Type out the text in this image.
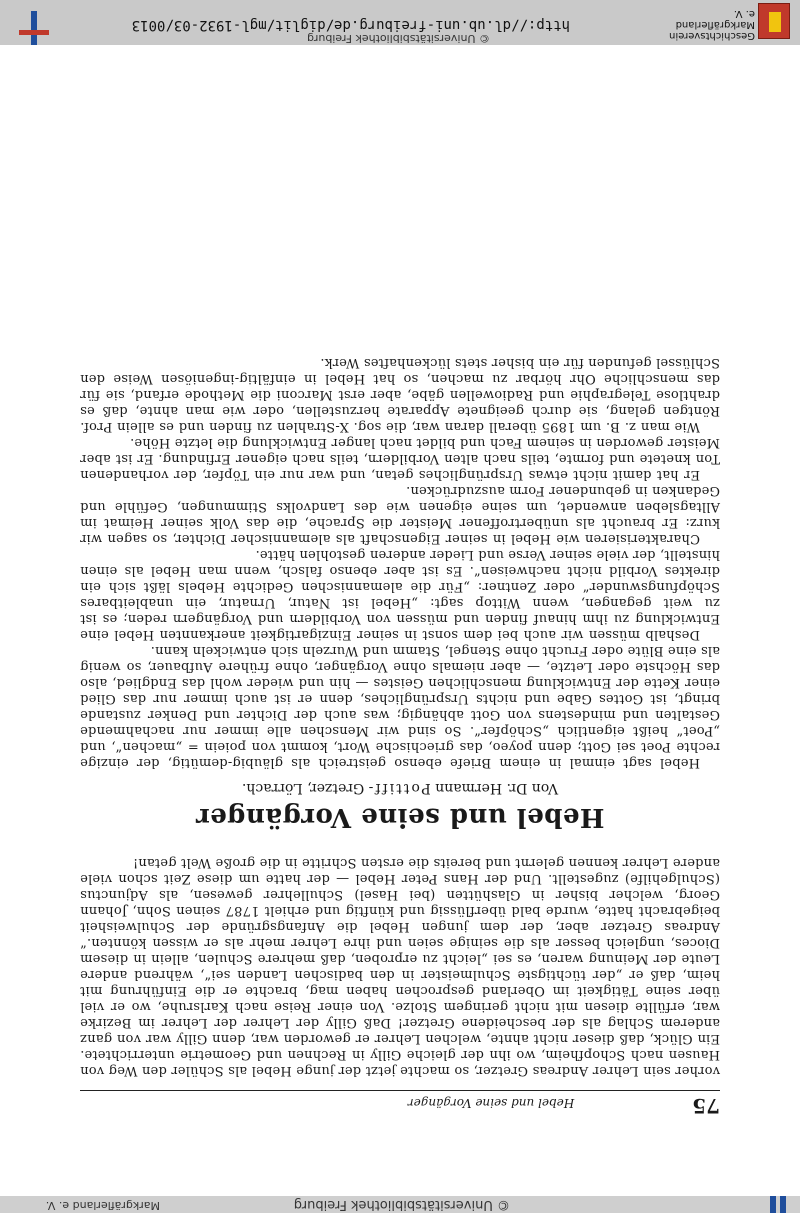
© Universitätsbibliothek Freiburg
Markgräflerland e. V.
75
Hebel und seine Vorgänger

vorher sein Lehrer Andreas Gretzer, so machte jetzt der junge Hebel als Schüler den Weg von Hausen nach Schopfheim, wo ihn der gleiche Gilly in Rechnen und Geometrie unterrichtete. Ein Glück, daß dieser nicht ahnte, welchen Lehrer er geworden war, denn Gilly war von ganz anderem Schlag als der bescheidene Gretzer! Daß Gilly der Lehrer der Lehrer im Bezirke war, erfüllte diesen mit nicht geringem Stolze. Von einer Reise nach Karlsruhe, wo er viel über seine Tätigkeit im Oberland gesprochen haben mag, brachte er die Einführung mit heim, daß er „der tüchtigste Schulmeister in den badischen Landen sei“, während andere Leute der Meinung waren, es sei „leicht zu erproben, daß mehrere Schulen, allein in diesem Dioces, ungleich besser als die seinige seien und ihre Lehrer mehr als er wissen könnten.“ Andreas Gretzer aber, der dem jungen Hebel die Anfangsgründe der Schulweisheit beigebracht hatte, wurde bald überflüssig und künftig und erhielt 1787 seinen Sohn, Johann Georg, welcher bisher in Glashütten (bei Hasel) Schullehrer gewesen, als Adjunctus (Schulgehilfe) zugestellt. Und der Hans Peter Hebel — der hatte um diese Zeit schon viele andere Lehrer kennen gelernt und bereits die ersten Schritte in die große Welt getan!

Hebel und seine Vorgänger
Von Dr. Hermann Pottiff- Gretzer, Lörrach.

Hebel sagt einmal in einem Briefe ebenso geistreich als gläubig-demütig, der einzige rechte Poet sei Gott; denn poyeo, das griechische Wort, kommt von poiein = „machen“, und „Poet“ heißt eigentlich „Schöpfer“. So sind wir Menschen alle immer nur nachahmende Gestalten und mindestens von Gott abhängig; was auch der Dichter und Denker zustande bringt, ist Gottes Gabe und nichts Ursprüngliches, denn er ist auch immer nur das Glied einer Kette der Entwicklung menschlichen Geistes — hin und wieder wohl das Endglied, also das Höchste oder Letzte, — aber niemals ohne Vorgänger, ohne frühere Aufbauer, so wenig als eine Blüte oder Frucht ohne Stengel, Stamm und Wurzeln sich entwickeln kann.

Deshalb müssen wir auch bei dem sonst in seiner Einzigartigkeit anerkannten Hebel eine Entwicklung zu ihm hinauf finden und müssen von Vorbildern und Vorgängern reden; es ist zu weit gegangen, wenn Wittop sagt: „Hebel ist Natur, Urnatur, ein unableitbares Schöpfungswunder“ oder Zentner: „Für die alemannischen Gedichte Hebels läßt sich ein direktes Vorbild nicht nachweisen“. Es ist aber ebenso falsch, wenn man Hebel als einen hinstellt, der viele seiner Verse und Lieder anderen gestohlen hätte.

Charakterisieren wie Hebel in seiner Eigenschaft als alemannischer Dichter, so sagen wir kurz: Er braucht als unübertroffener Meister die Sprache, die das Volk seiner Heimat im Alltagsleben anwendet, um seine eigenen wie des Landvolks Stimmungen, Gefühle und Gedanken in gebundener Form auszudrücken.

Er hat damit nicht etwas Ursprüngliches getan, und war nur ein Töpfer, der vorhandenen Ton knetete und formte, teils nach alten Vorbildern, teils nach eigener Erfindung. Er ist aber Meister geworden in seinem Fach und bildet nach langer Entwicklung die letzte Höhe.

Wie man z. B. um 1895 überall daran war, die sog. X-Strahlen zu finden und es allein Prof. Röntgen gelang, sie durch geeignete Apparate herzustellen, oder wie man ahnte, daß es drahtlose Telegraphie und Radiowellen gäbe, aber erst Marconi die Methode erfand, sie für das menschliche Ohr hörbar zu machen, so hat Hebel in einfältig-ingeniösen Weise den Schlüssel gefunden für ein bisher stets lückenhaftes Werk.

Geschichtsverein Markgräflerland e. V.
© Universitätsbibliothek Freiburg
http://dl.ub.uni-freiburg.de/diglit/mgl-1932-03/0013
